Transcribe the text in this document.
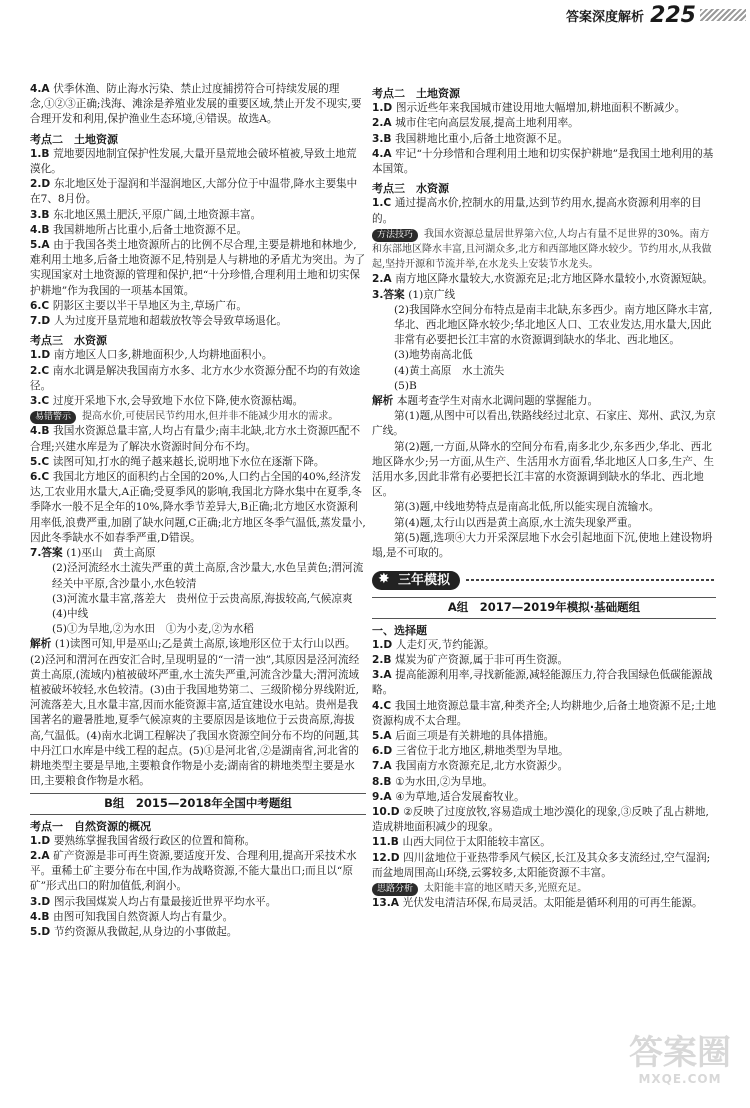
答案深度解析 225
4.A 伏季休渔、防止海水污染、禁止过度捕捞符合可持续发展的理念,①②③正确;浅海、滩涂是养殖业发展的重要区域,禁止开发不现实,要合理开发和利用,保护渔业生态环境,④错误。故选A。
考点二　土地资源
1.B 荒地要因地制宜保护性发展,大量开垦荒地会破坏植被,导致土地荒漠化。
2.D 东北地区处于湿润和半湿润地区,大部分位于中温带,降水主要集中在7、8月份。
3.B 东北地区黑土肥沃,平原广阔,土地资源丰富。
4.B 我国耕地所占比重小,后备土地资源不足。
5.A 由于我国各类土地资源所占的比例不尽合理,主要是耕地和林地少,难利用土地多,后备土地资源不足,特别是人与耕地的矛盾尤为突出。为了实现国家对土地资源的管理和保护,把“十分珍惜,合理利用土地和切实保护耕地”作为我国的一项基本国策。
6.C 阴影区主要以半干旱地区为主,草场广布。
7.D 人为过度开垦荒地和超载放牧等会导致草场退化。
考点三　水资源
1.D 南方地区人口多,耕地面积少,人均耕地面积小。
2.C 南水北调是解决我国南方水多、北方水少水资源分配不均的有效途径。
3.C 过度开采地下水,会导致地下水位下降,使水资源枯竭。
易错警示 提高水价,可使居民节约用水,但并非不能减少用水的需求。
4.B 我国水资源总量丰富,人均占有量少;南丰北缺,北方水土资源匹配不合理;兴建水库是为了解决水资源时间分布不均。
5.C 读图可知,打水的绳子越来越长,说明地下水位在逐渐下降。
6.C 我国北方地区的面积约占全国的20%,人口约占全国的40%,经济发达,工农业用水量大,A正确;受夏季风的影响,我国北方降水集中在夏季,冬季降水一般不足全年的10%,降水季节差异大,B正确;北方地区水资源利用率低,浪费严重,加剧了缺水问题,C正确;北方地区冬季气温低,蒸发量小,因此冬季缺水不如春季严重,D错误。
7.答案 (1)巫山　黄土高原
(2)泾河流经水土流失严重的黄土高原,含沙量大,水色呈黄色;渭河流经关中平原,含沙量小,水色较清
(3)河流水量丰富,落差大　贵州位于云贵高原,海拔较高,气候凉爽
(4)中线
(5)①为旱地,②为水田　①为小麦,②为水稻
解析 (1)读图可知,甲是巫山;乙是黄土高原,该地形区位于太行山以西。(2)泾河和渭河在西安汇合时,呈现明显的“一清一浊”,其原因是泾河流经黄土高原,(流域内)植被破坏严重,水土流失严重,河流含沙量大;渭河流域植被破坏较轻,水色较清。(3)由于我国地势第二、三级阶梯分界线附近,河流落差大,且水量丰富,因而水能资源丰富,适宜建设水电站。贵州是我国著名的避暑胜地,夏季气候凉爽的主要原因是该地位于云贵高原,海拔高,气温低。(4)南水北调工程解决了我国水资源空间分布不均的问题,其中丹江口水库是中线工程的起点。(5)①是河北省,②是湖南省,河北省的耕地类型主要是旱地,主要粮食作物是小麦;湖南省的耕地类型主要是水田,主要粮食作物是水稻。
B组　2015—2018年全国中考题组
考点一　自然资源的概况
1.D 要熟练掌握我国省级行政区的位置和简称。
2.A 矿产资源是非可再生资源,要适度开发、合理利用,提高开采技术水平。重稀土矿主要分布在中国,作为战略资源,不能大量出口;而且以“原矿”形式出口的附加值低,利润小。
3.D 图示我国煤炭人均占有量最接近世界平均水平。
4.B 由图可知我国自然资源人均占有量少。
5.D 节约资源从我做起,从身边的小事做起。
考点二　土地资源
1.D 图示近些年来我国城市建设用地大幅增加,耕地面积不断减少。
2.A 城市住宅向高层发展,提高土地利用率。
3.B 我国耕地比重小,后备土地资源不足。
4.A 牢记“十分珍惜和合理利用土地和切实保护耕地”是我国土地利用的基本国策。
考点三　水资源
1.C 通过提高水价,控制水的用量,达到节约用水,提高水资源利用率的目的。
方法技巧 我国水资源总量居世界第六位,人均占有量不足世界的30%。南方和东部地区降水丰富,且河湖众多,北方和西部地区降水较少。节约用水,从我做起,坚持开源和节流并举,在水龙头上安装节水龙头。
2.A 南方地区降水量较大,水资源充足;北方地区降水量较小,水资源短缺。
3.答案 (1)京广线
(2)我国降水空间分布特点是南丰北缺,东多西少。南方地区降水丰富,华北、西北地区降水较少;华北地区人口、工农业发达,用水量大,因此非常有必要把长江丰富的水资源调到缺水的华北、西北地区。
(3)地势南高北低
(4)黄土高原　水土流失
(5)B
解析 本题考查学生对南水北调问题的掌握能力。
第(1)题,从图中可以看出,铁路线经过北京、石家庄、郑州、武汉,为京广线。
第(2)题,一方面,从降水的空间分布看,南多北少,东多西少,华北、西北地区降水少;另一方面,从生产、生活用水方面看,华北地区人口多,生产、生活用水多,因此非常有必要把长江丰富的水资源调到缺水的华北、西北地区。
第(3)题,中线地势特点是南高北低,所以能实现自流输水。
第(4)题,太行山以西是黄土高原,水土流失现象严重。
第(5)题,选项④大力开采深层地下水会引起地面下沉,使地上建设物坍塌,是不可取的。
✸ 三年模拟
A组　2017—2019年模拟·基础题组
一、选择题
1.D 人走灯灭,节约能源。
2.B 煤炭为矿产资源,属于非可再生资源。
3.A 提高能源利用率,寻找新能源,减轻能源压力,符合我国绿色低碳能源战略。
4.C 我国土地资源总量丰富,种类齐全;人均耕地少,后备土地资源不足;土地资源构成不太合理。
5.A 后面三项是有关耕地的具体措施。
6.D 三省位于北方地区,耕地类型为旱地。
7.A 我国南方水资源充足,北方水资源少。
8.B ①为水田,②为旱地。
9.A ④为草地,适合发展畜牧业。
10.D ②反映了过度放牧,容易造成土地沙漠化的现象,③反映了乱占耕地,造成耕地面积减少的现象。
11.B 山西大同位于太阳能较丰富区。
12.D 四川盆地位于亚热带季风气候区,长江及其众多支流经过,空气湿润;而盆地周围高山环绕,云雾较多,太阳能资源不丰富。
思路分析 太阳能丰富的地区晴天多,光照充足。
13.A 光伏发电清洁环保,布局灵活。太阳能是循环利用的可再生能源。
答案圈
MXQE.COM
